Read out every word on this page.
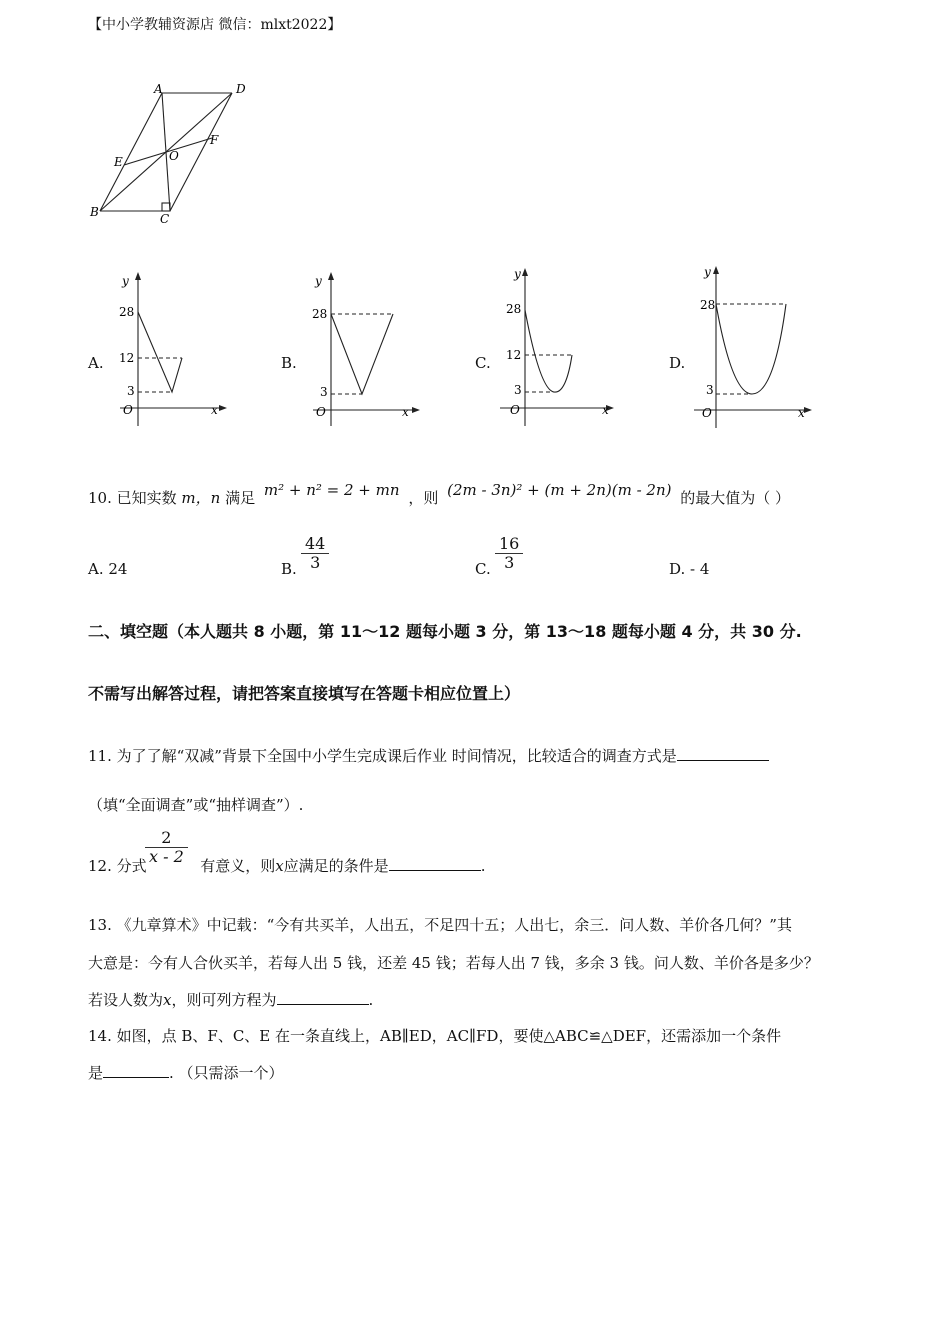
【中小学教辅资源店 微信：mlxt2022】
A	D
E	O
F
B	C
A.
y
28
12
3
O	x
B.
y
28
3
O	x
C.
y
28
12
3
O	x
D.
y
28
3
O	x
10. 已知实数 m，n 满足 m² + n² = 2 + mn ，则 (2m - 3n)² + (m + 2n)(m - 2n) 的最大值为（ ）
A. 24	B. $\frac{44}{3}$	C. $\frac{16}{3}$	D. - 4
二、填空题（本人题共 8 小题，第 11～12 题每小题 3 分，第 13～18 题每小题 4 分，共 30 分.
不需写出解答过程，请把答案直接填写在答题卡相应位置上）
11. 为了了解“双减”背景下全国中小学生完成课后作业 时间情况，比较适合的调查方式是
（填“全面调查”或“抽样调查”）.
12. 分式	有意义，则x应满足的条件是	.
$\frac{2}{x - 2}$
13. 《九章算术》中记载：“今有共买羊，人出五，不足四十五；人出七，余三．问人数、羊价各几何？”其
大意是：今有人合伙买羊，若每人出 5 钱，还差 45 钱；若每人出 7 钱，多余 3 钱。问人数、羊价各是多少？
若设人数为x，则可列方程为	.
14. 如图，点 B、F、C、E 在一条直线上，AB∥ED，AC∥FD，要使△ABC≌△DEF，还需添加一个条件
是	. （只需添一个）
